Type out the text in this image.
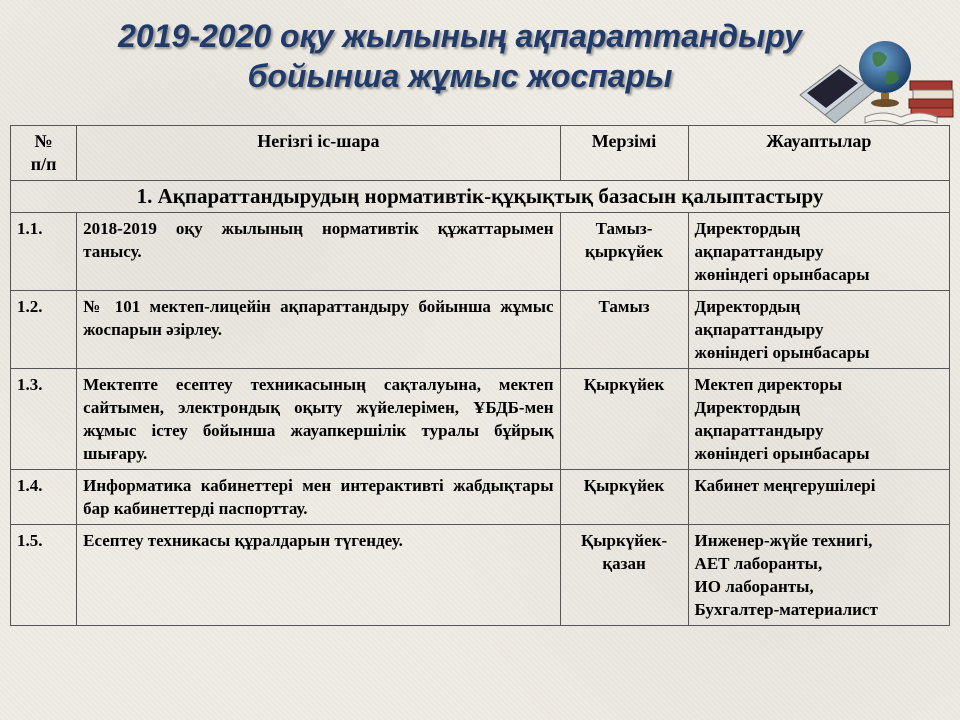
2019-2020 оқу жылының ақпараттандыру
бойынша жұмыс жоспары
№
п/п	Негізгі іс-шара	Мерзімі	Жауаптылар
1. Ақпараттандырудың нормативтік-құқықтық базасын қалыптастыру			
1.1.	2018-2019 оқу жылының нормативтік құжаттарымен танысу.	Тамыз-
қыркүйек	Директордың
ақпараттандыру
жөніндегі орынбасары

1.2.	№ 101 мектеп-лицейін ақпараттандыру бойынша жұмыс жоспарын әзірлеу.	Тамыз	Директордың
ақпараттандыру
жөніндегі орынбасары

1.3.	Мектепте есептеу техникасының сақталуына, мектеп сайтымен, электрондық оқыту жүйелерімен, ҰБДБ-мен жұмыс істеу бойынша жауапкершілік туралы бұйрық шығару.	Қыркүйек	Мектеп директоры
Директордың
ақпараттандыру
жөніндегі орынбасары

1.4.	Информатика кабинеттері мен интерактивті жабдықтары бар кабинеттерді паспорттау.	Қыркүйек	Кабинет меңгерушілері

1.5.	Есептеу техникасы құралдарын түгендеу.	Қыркүйек-
қазан	Инженер-жүйе технигі,
АЕТ лаборанты,
ИО лаборанты,
Бухгалтер-материалист
